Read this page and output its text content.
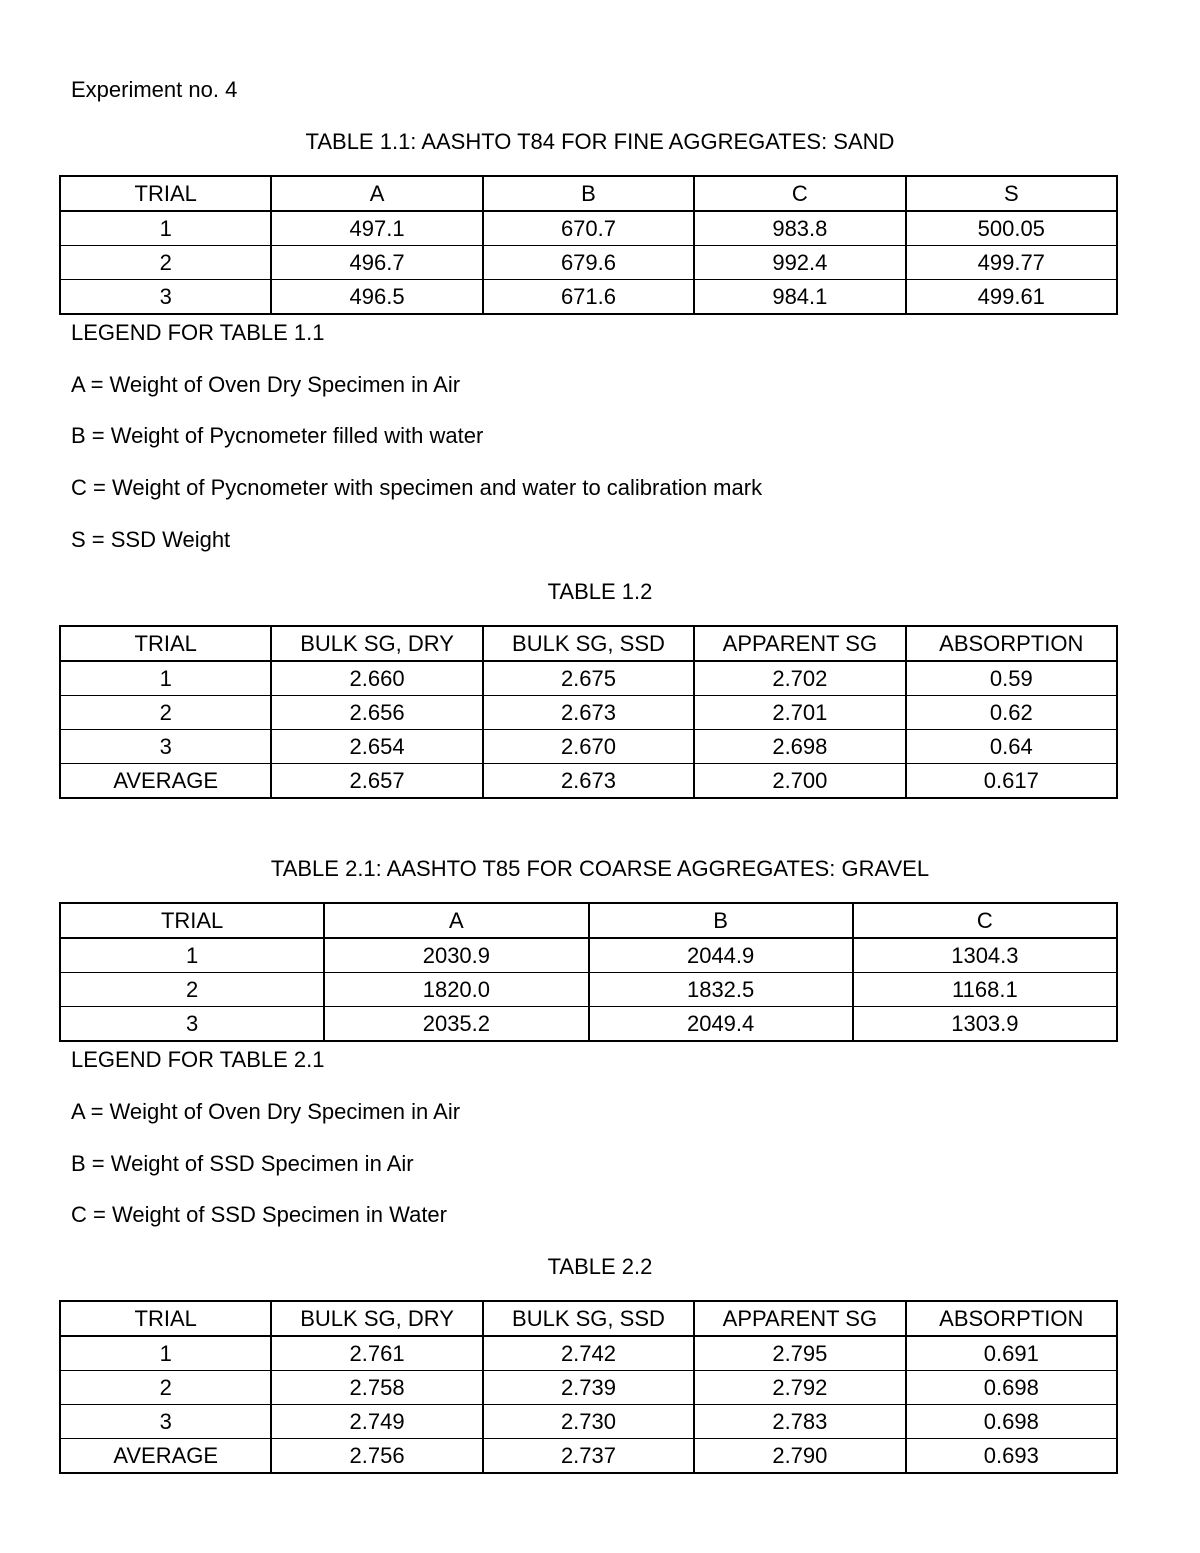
Experiment no. 4
TABLE 1.1: AASHTO T84 FOR FINE AGGREGATES: SAND
TRIAL	A	B	C	S
1	497.1	670.7	983.8	500.05
2	496.7	679.6	992.4	499.77
3	496.5	671.6	984.1	499.61
LEGEND FOR TABLE 1.1
A = Weight of Oven Dry Specimen in Air
B = Weight of Pycnometer filled with water
C = Weight of Pycnometer with specimen and water to calibration mark
S = SSD Weight
TABLE 1.2
TRIAL	BULK SG, DRY	BULK SG, SSD	APPARENT SG	ABSORPTION
1	2.660	2.675	2.702	0.59
2	2.656	2.673	2.701	0.62
3	2.654	2.670	2.698	0.64
AVERAGE	2.657	2.673	2.700	0.617
TABLE 2.1: AASHTO T85 FOR COARSE AGGREGATES: GRAVEL
TRIAL	A	B	C
1	2030.9	2044.9	1304.3
2	1820.0	1832.5	1168.1
3	2035.2	2049.4	1303.9
LEGEND FOR TABLE 2.1
A = Weight of Oven Dry Specimen in Air
B = Weight of SSD Specimen in Air
C = Weight of SSD Specimen in Water
TABLE 2.2
TRIAL	BULK SG, DRY	BULK SG, SSD	APPARENT SG	ABSORPTION
1	2.761	2.742	2.795	0.691
2	2.758	2.739	2.792	0.698
3	2.749	2.730	2.783	0.698
AVERAGE	2.756	2.737	2.790	0.693
